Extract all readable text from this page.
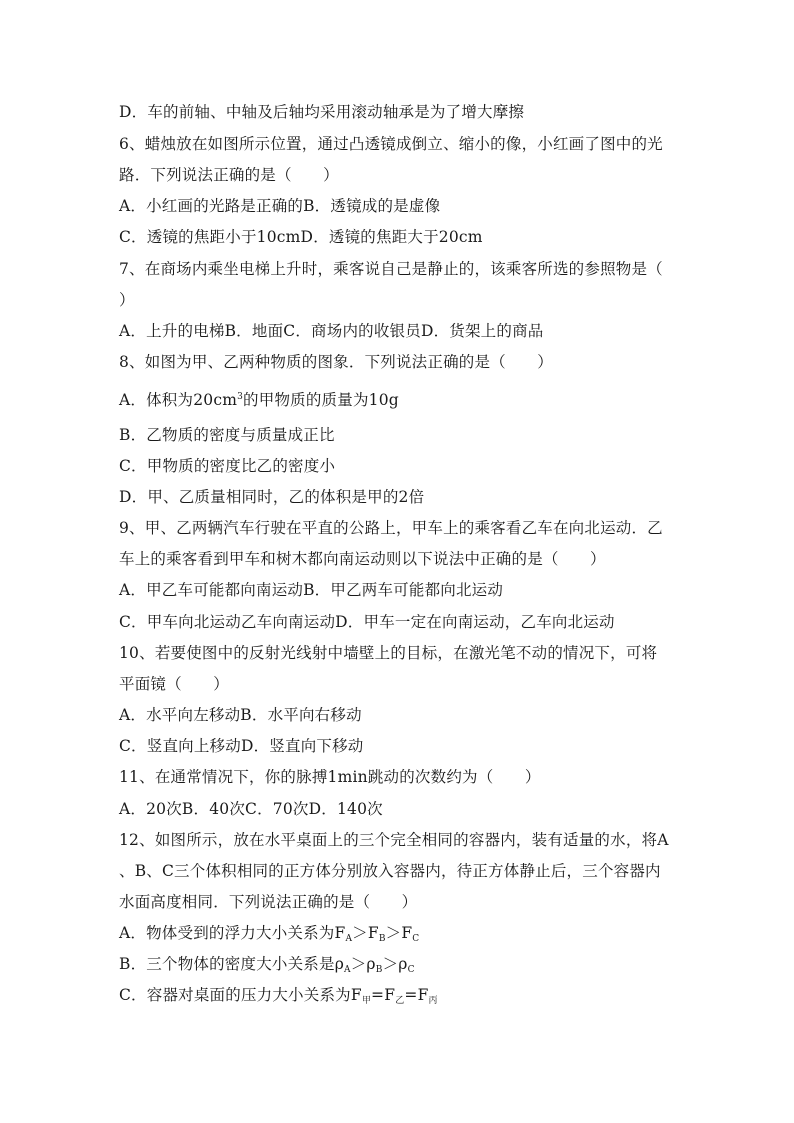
D．车的前轴、中轴及后轴均采用滚动轴承是为了增大摩擦
6、蜡烛放在如图所示位置，通过凸透镜成倒立、缩小的像，小红画了图中的光
路．下列说法正确的是（　　）
A．小红画的光路是正确的B．透镜成的是虚像
C．透镜的焦距小于10cmD．透镜的焦距大于20cm
7、在商场内乘坐电梯上升时，乘客说自己是静止的，该乘客所选的参照物是（
）
A．上升的电梯B．地面C．商场内的收银员D．货架上的商品
8、如图为甲、乙两种物质的图象．下列说法正确的是（　　）
A．体积为$20cm^3$的甲物质的质量为10g
B．乙物质的密度与质量成正比
C．甲物质的密度比乙的密度小
D．甲、乙质量相同时，乙的体积是甲的2倍
9、甲、乙两辆汽车行驶在平直的公路上，甲车上的乘客看乙车在向北运动．乙
车上的乘客看到甲车和树木都向南运动则以下说法中正确的是（　　）
A．甲乙车可能都向南运动B．甲乙两车可能都向北运动
C．甲车向北运动乙车向南运动D．甲车一定在向南运动，乙车向北运动
10、若要使图中的反射光线射中墙壁上的目标，在激光笔不动的情况下，可将
平面镜（　　）
A．水平向左移动B．水平向右移动
C．竖直向上移动D．竖直向下移动
11、在通常情况下，你的脉搏1min跳动的次数约为（　　）
A．20次B．40次C．70次D．140次
12、如图所示，放在水平桌面上的三个完全相同的容器内，装有适量的水，将A
、B、C三个体积相同的正方体分别放入容器内，待正方体静止后，三个容器内
水面高度相同．下列说法正确的是（　　）
A．物体受到的浮力大小关系为$F_A>F_B>F_C$
B．三个物体的密度大小关系是$\rho_A>\rho_B>\rho_C$
C．容器对桌面的压力大小关系为$F_甲=F_乙=F_丙$
